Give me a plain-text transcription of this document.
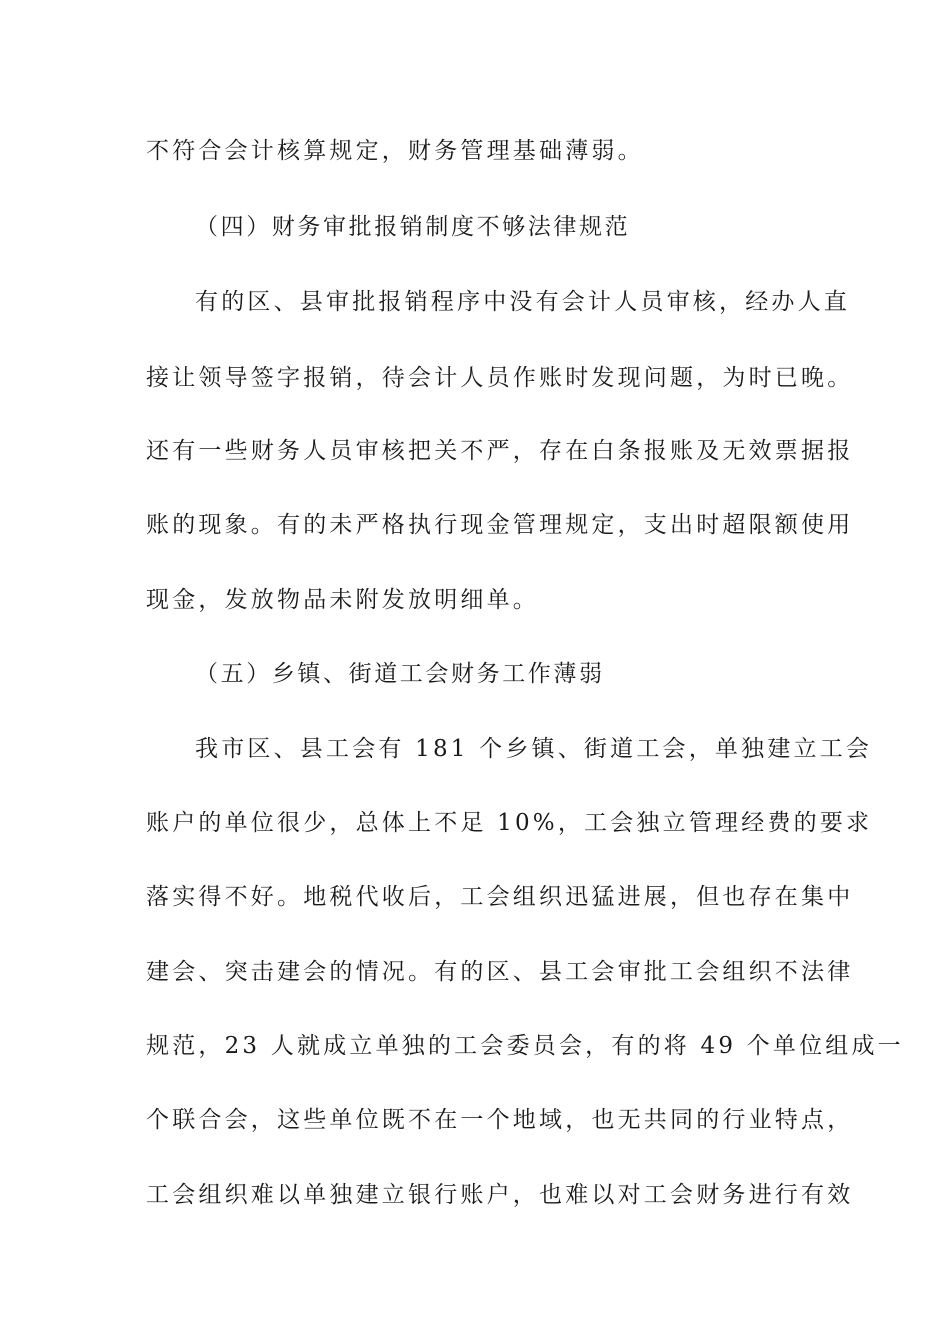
不符合会计核算规定，财务管理基础薄弱。
（四）财务审批报销制度不够法律规范
有的区、县审批报销程序中没有会计人员审核，经办人直
接让领导签字报销，待会计人员作账时发现问题，为时已晚。
还有一些财务人员审核把关不严，存在白条报账及无效票据报
账的现象。有的未严格执行现金管理规定，支出时超限额使用
现金，发放物品未附发放明细单。
（五）乡镇、街道工会财务工作薄弱
我市区、县工会有 181 个乡镇、街道工会，单独建立工会
账户的单位很少，总体上不足 10%，工会独立管理经费的要求
落实得不好。地税代收后，工会组织迅猛进展，但也存在集中
建会、突击建会的情况。有的区、县工会审批工会组织不法律
规范，23 人就成立单独的工会委员会，有的将 49 个单位组成一
个联合会，这些单位既不在一个地域，也无共同的行业特点，
工会组织难以单独建立银行账户，也难以对工会财务进行有效
